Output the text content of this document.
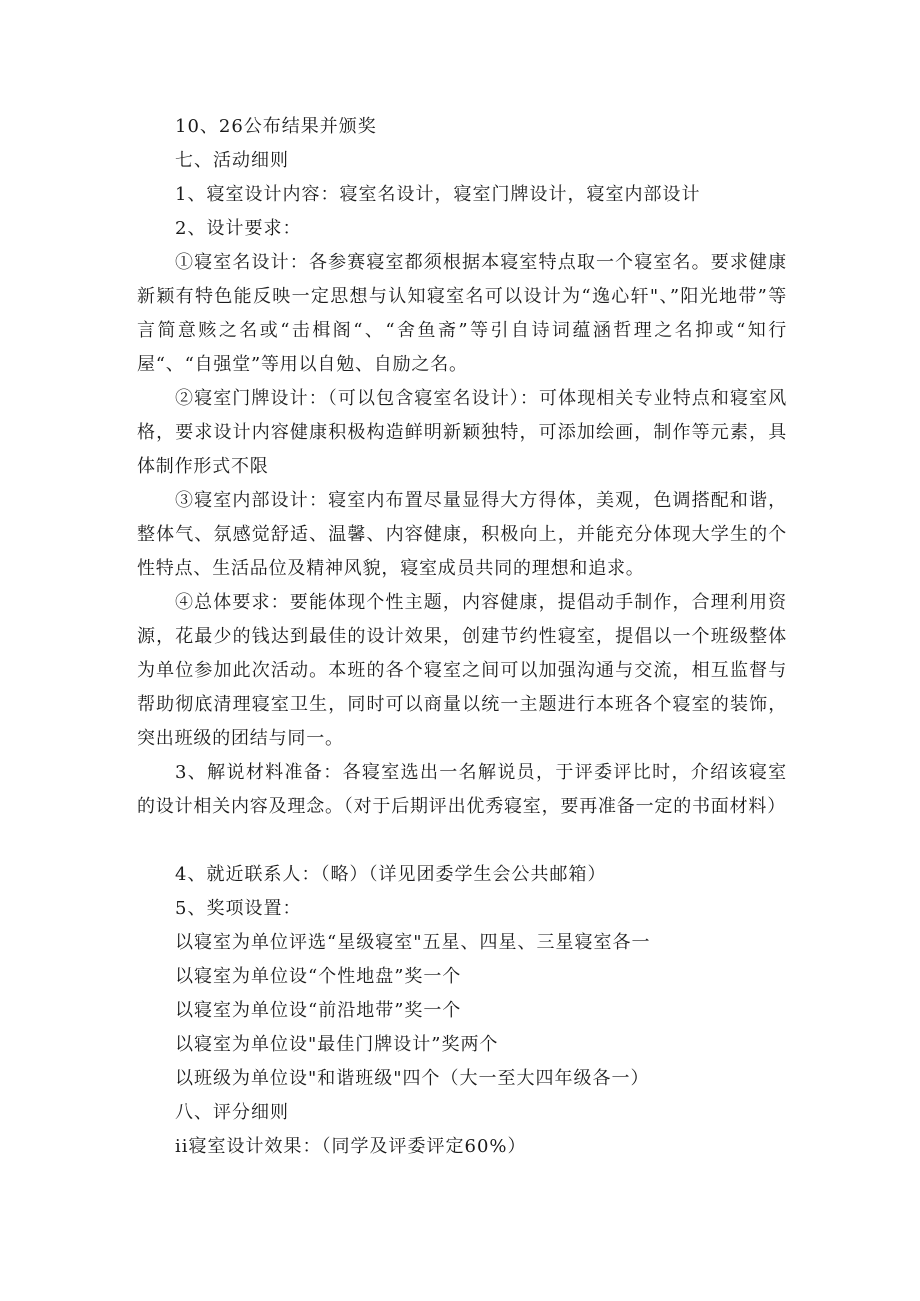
10、26公布结果并颁奖
七、活动细则
1、寝室设计内容：寝室名设计，寝室门牌设计，寝室内部设计
2、设计要求：
①寝室名设计：各参赛寝室都须根据本寝室特点取一个寝室名。要求健康新颖有特色能反映一定思想与认知寝室名可以设计为“逸心轩"、”阳光地带”等言简意赅之名或“击楫阁“、“舍鱼斋”等引自诗词蕴涵哲理之名抑或“知行屋“、“自强堂”等用以自勉、自励之名。
②寝室门牌设计：（可以包含寝室名设计）：可体现相关专业特点和寝室风格，要求设计内容健康积极构造鲜明新颖独特，可添加绘画，制作等元素，具体制作形式不限
③寝室内部设计：寝室内布置尽量显得大方得体，美观，色调搭配和谐，整体气、氛感觉舒适、温馨、内容健康，积极向上，并能充分体现大学生的个性特点、生活品位及精神风貌，寝室成员共同的理想和追求。
④总体要求：要能体现个性主题，内容健康，提倡动手制作，合理利用资源，花最少的钱达到最佳的设计效果，创建节约性寝室，提倡以一个班级整体为单位参加此次活动。本班的各个寝室之间可以加强沟通与交流，相互监督与帮助彻底清理寝室卫生，同时可以商量以统一主题进行本班各个寝室的装饰，突出班级的团结与同一。
3、解说材料准备：各寝室选出一名解说员，于评委评比时，介绍该寝室的设计相关内容及理念。（对于后期评出优秀寝室，要再准备一定的书面材料）
4、就近联系人：（略）（详见团委学生会公共邮箱）
5、奖项设置：
以寝室为单位评选“星级寝室"五星、四星、三星寝室各一
以寝室为单位设“个性地盘”奖一个
以寝室为单位设“前沿地带”奖一个
以寝室为单位设"最佳门牌设计”奖两个
以班级为单位设"和谐班级"四个（大一至大四年级各一）
八、评分细则
ii寝室设计效果：（同学及评委评定60%）
